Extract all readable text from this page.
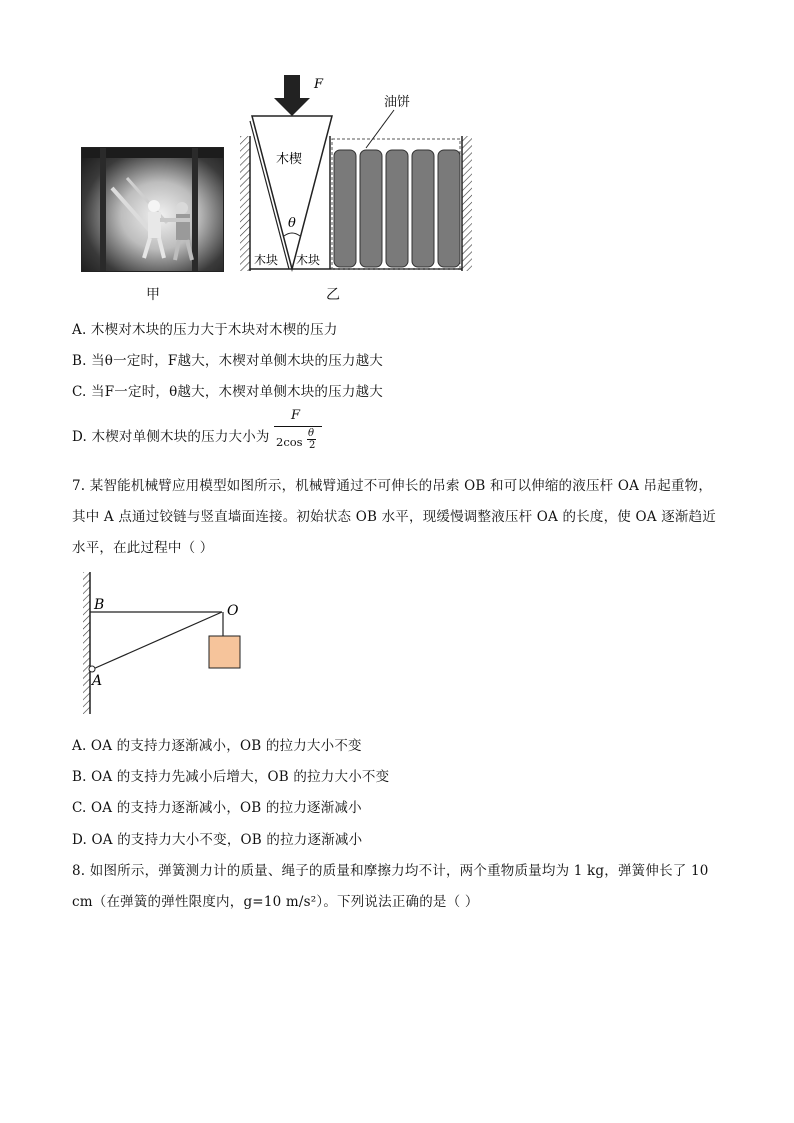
甲
F
木楔
油饼
θ
木块 木块
乙
A. 木楔对木块的压力大于木块对木楔的压力
B. 当θ一定时，F越大，木楔对单侧木块的压力越大
C. 当F一定时，θ越大，木楔对单侧木块的压力越大
D. 木楔对单侧木块的压力大小为
F
2cos
θ
2
7. 某智能机械臂应用模型如图所示，机械臂通过不可伸长的吊索 OB 和可以伸缩的液压杆 OA 吊起重物，
其中 A 点通过铰链与竖直墙面连接。初始状态 OB 水平，现缓慢调整液压杆 OA 的长度，使 OA 逐渐趋近
水平，在此过程中（ ）
B	O
A
A. OA 的支持力逐渐减小，OB 的拉力大小不变
B. OA 的支持力先减小后增大，OB 的拉力大小不变
C. OA 的支持力逐渐减小，OB 的拉力逐渐减小
D. OA 的支持力大小不变，OB 的拉力逐渐减小
8. 如图所示，弹簧测力计的质量、绳子的质量和摩擦力均不计，两个重物质量均为 1 kg，弹簧伸长了 10
cm（在弹簧的弹性限度内，g=10 m/s²）。下列说法正确的是（ ）
